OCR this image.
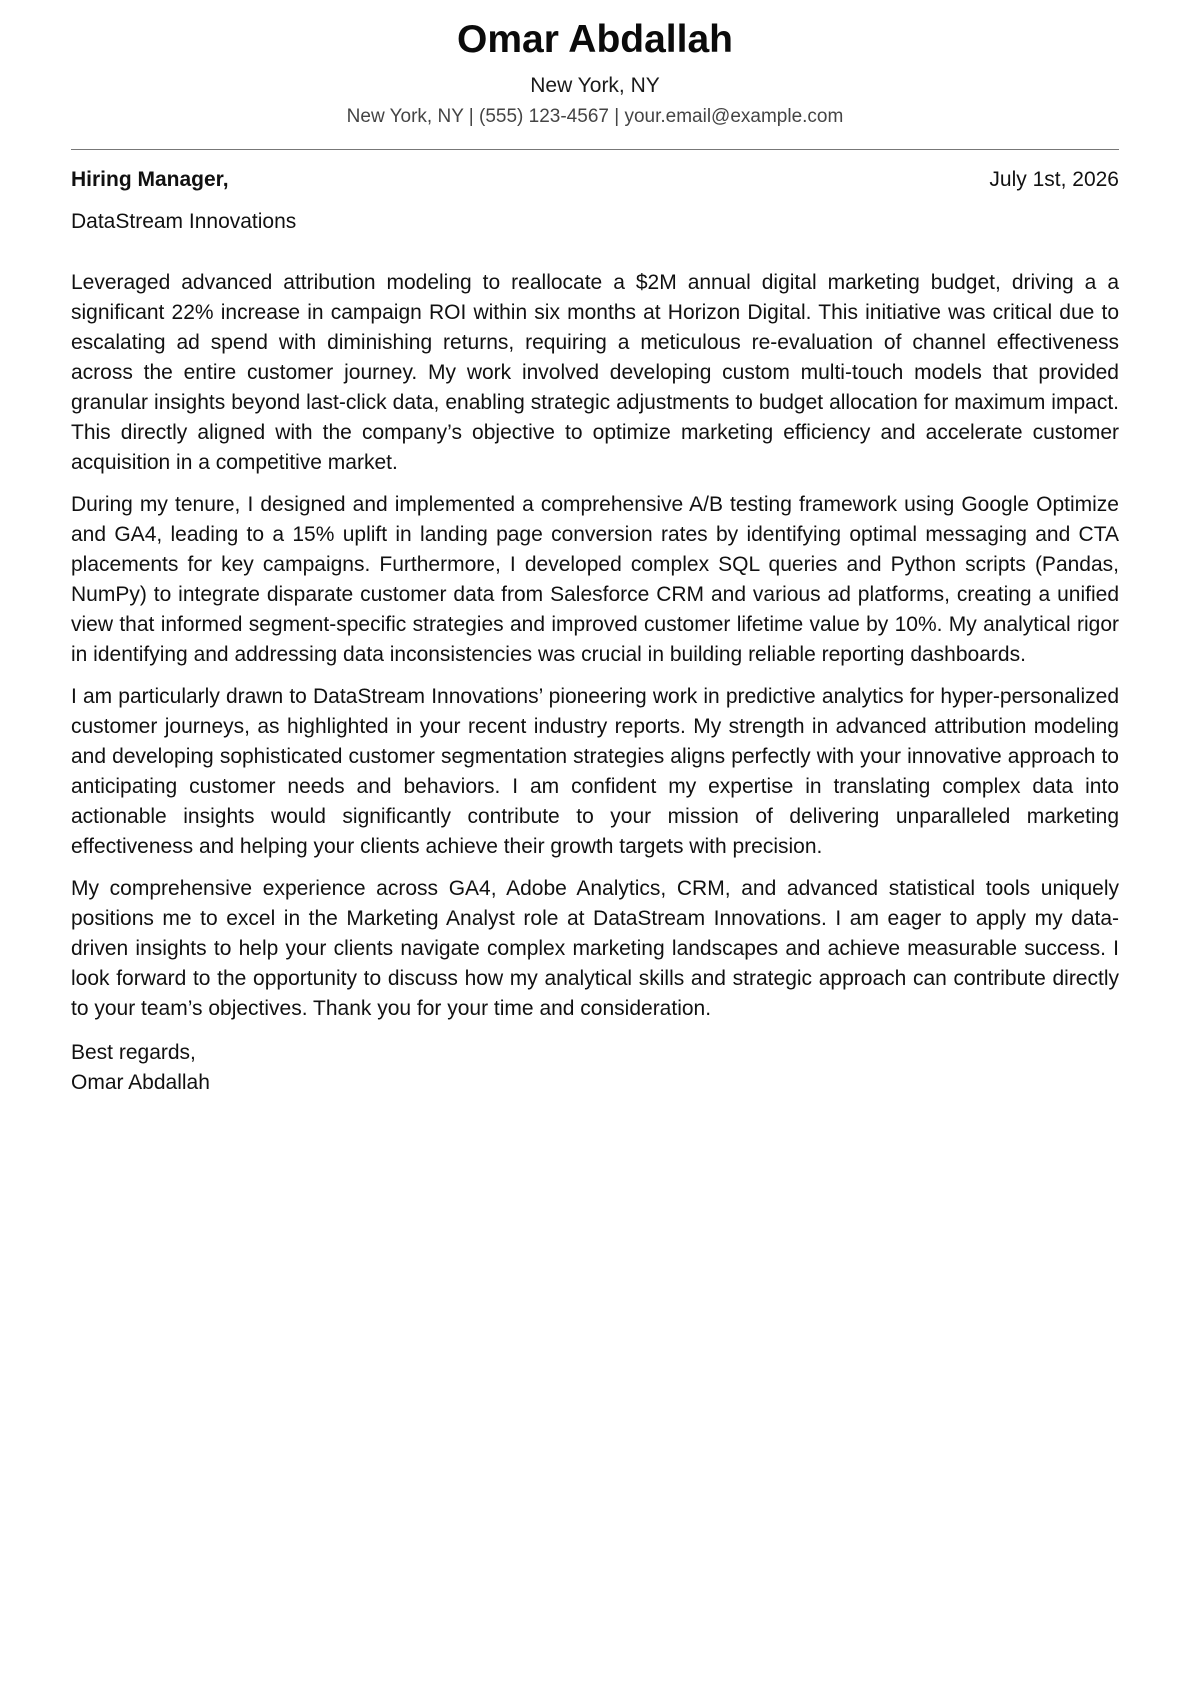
Omar Abdallah
New York, NY
New York, NY | (555) 123-4567 | your.email@example.com
Hiring Manager,	July 1st, 2026
DataStream Innovations

Leveraged advanced attribution modeling to reallocate a $2M annual digital marketing budget, driving a a significant 22% increase in campaign ROI within six months at Horizon Digital. This initiative was critical due to escalating ad spend with diminishing returns, requiring a meticulous re-evaluation of channel effectiveness across the entire customer journey. My work involved developing custom multi-touch models that provided granular insights beyond last-click data, enabling strategic adjustments to budget allocation for maximum impact. This directly aligned with the company’s objective to optimize marketing efficiency and accelerate customer acquisition in a competitive market.

During my tenure, I designed and implemented a comprehensive A/B testing framework using Google Optimize and GA4, leading to a 15% uplift in landing page conversion rates by identifying optimal messaging and CTA placements for key campaigns. Furthermore, I developed complex SQL queries and Python scripts (Pandas, NumPy) to integrate disparate customer data from Salesforce CRM and various ad platforms, creating a unified view that informed segment-specific strategies and improved customer lifetime value by 10%. My analytical rigor in identifying and addressing data inconsistencies was crucial in building reliable reporting dashboards.

I am particularly drawn to DataStream Innovations’ pioneering work in predictive analytics for hyper-personalized customer journeys, as highlighted in your recent industry reports. My strength in advanced attribution modeling and developing sophisticated customer segmentation strategies aligns perfectly with your innovative approach to anticipating customer needs and behaviors. I am confident my expertise in translating complex data into actionable insights would significantly contribute to your mission of delivering unparalleled marketing effectiveness and helping your clients achieve their growth targets with precision.

My comprehensive experience across GA4, Adobe Analytics, CRM, and advanced statistical tools uniquely positions me to excel in the Marketing Analyst role at DataStream Innovations. I am eager to apply my data-driven insights to help your clients navigate complex marketing landscapes and achieve measurable success. I look forward to the opportunity to discuss how my analytical skills and strategic approach can contribute directly to your team’s objectives. Thank you for your time and consideration.

Best regards,
Omar Abdallah
